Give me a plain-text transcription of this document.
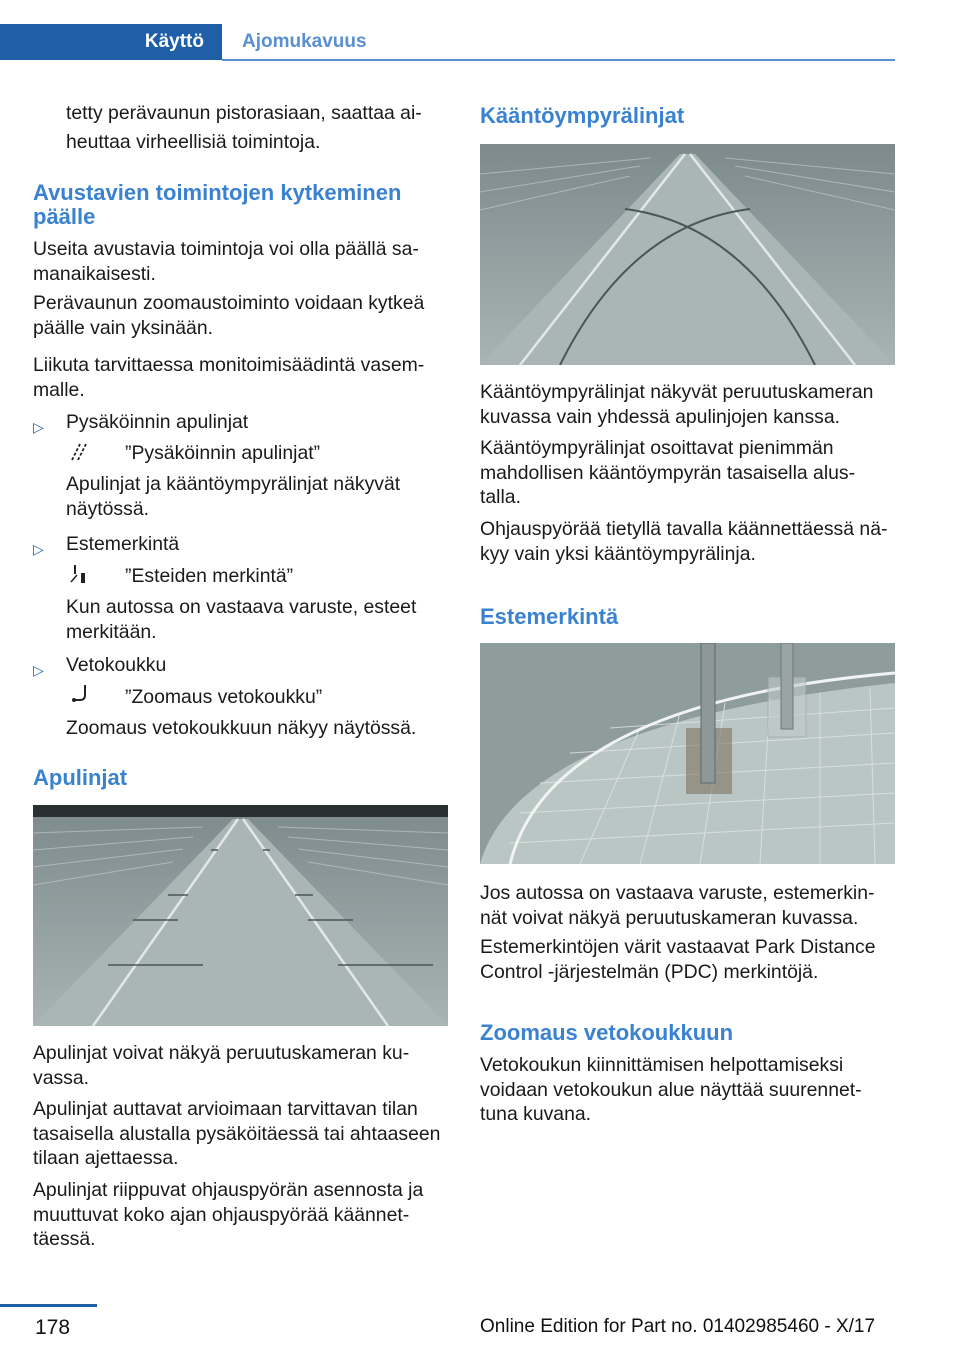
Käyttö	Ajomukavuus

tetty perävaunun pistorasiaan, saattaa ai-

heuttaa virheellisiä toimintoja.

Avustavien toimintojen kytkeminen päälle

Useita avustavia toimintoja voi olla päällä sa-manaikaisesti.

Perävaunun zoomaustoiminto voidaan kytkeä päälle vain yksinään.

Liikuta tarvittaessa monitoimisäädintä vasem-malle.

▷ Pysäköinnin apulinjat

”Pysäköinnin apulinjat”

Apulinjat ja kääntöympyrälinjat näkyvät näytössä.

▷ Estemerkintä

”Esteiden merkintä”

Kun autossa on vastaava varuste, esteet merkitään.

▷ Vetokoukku

”Zoomaus vetokoukku”

Zoomaus vetokoukkuun näkyy näytössä.

Apulinjat

Apulinjat voivat näkyä peruutuskameran ku-vassa.

Apulinjat auttavat arvioimaan tarvittavan tilan tasaisella alustalla pysäköitäessä tai ahtaaseen tilaan ajettaessa.

Apulinjat riippuvat ohjauspyörän asennosta ja muuttuvat koko ajan ohjauspyörää käännet-täessä.

Kääntöympyrälinjat

Kääntöympyrälinjat näkyvät peruutuskameran kuvassa vain yhdessä apulinjojen kanssa.

Kääntöympyrälinjat osoittavat pienimmän mahdollisen kääntöympyrän tasaisella alus-talla.

Ohjauspyörää tietyllä tavalla käännettäessä nä-kyy vain yksi kääntöympyrälinja.

Estemerkintä

Jos autossa on vastaava varuste, estemerkin-nät voivat näkyä peruutuskameran kuvassa.

Estemerkintöjen värit vastaavat Park Distance Control -järjestelmän (PDC) merkintöjä.

Zoomaus vetokoukkuun

Vetokoukun kiinnittämisen helpottamiseksi voidaan vetokoukun alue näyttää suurennet-tuna kuvana.

178	Online Edition for Part no. 01402985460 - X/17
